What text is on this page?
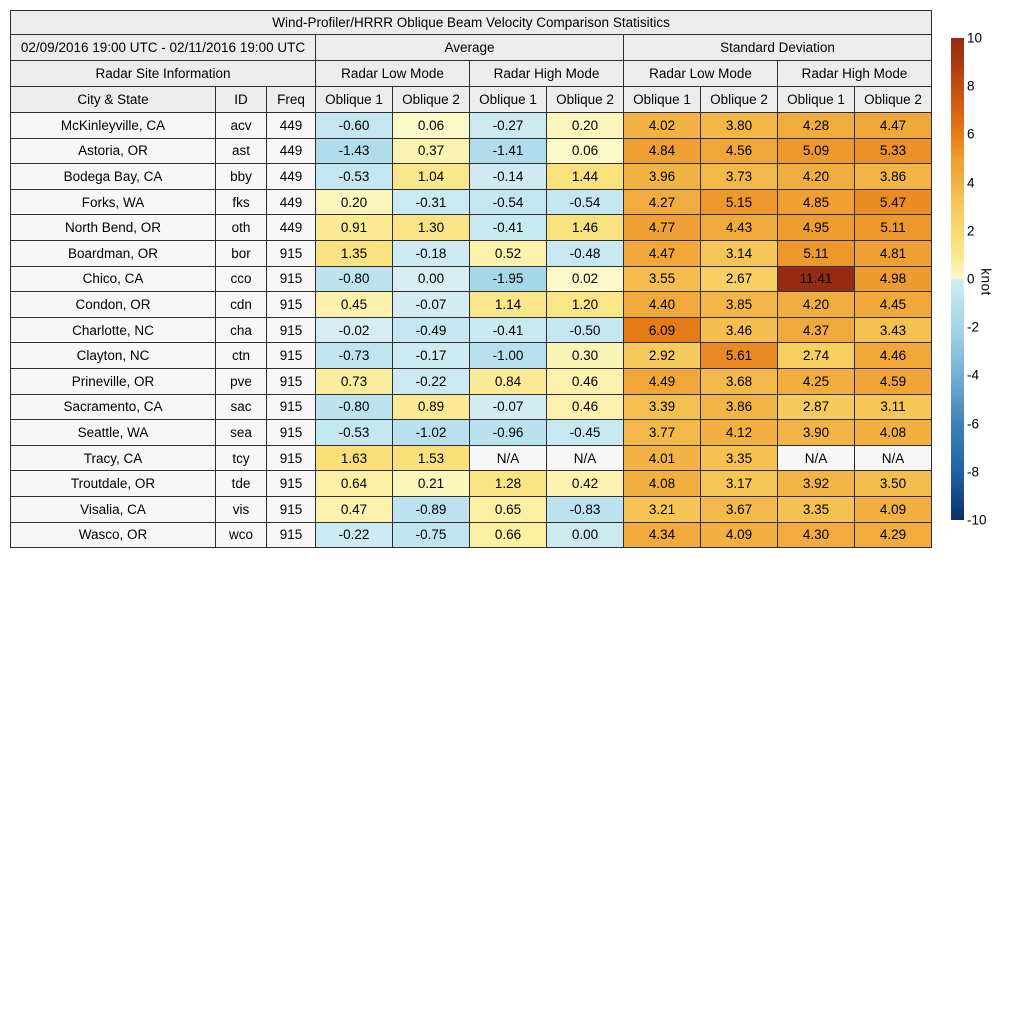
Wind-Profiler/HRRR Oblique Beam Velocity Comparison Statisitics										
02/09/2016 19:00 UTC - 02/11/2016 19:00 UTC			Average				Standard Deviation			
Radar Site Information			Radar Low Mode		Radar High Mode		Radar Low Mode		Radar High Mode	
City & State	ID	Freq	Oblique 1	Oblique 2	Oblique 1	Oblique 2	Oblique 1	Oblique 2	Oblique 1	Oblique 2
McKinleyville, CA	acv	449	-0.60	0.06	-0.27	0.20	4.02	3.80	4.28	4.47
Astoria, OR	ast	449	-1.43	0.37	-1.41	0.06	4.84	4.56	5.09	5.33
Bodega Bay, CA	bby	449	-0.53	1.04	-0.14	1.44	3.96	3.73	4.20	3.86
Forks, WA	fks	449	0.20	-0.31	-0.54	-0.54	4.27	5.15	4.85	5.47
North Bend, OR	oth	449	0.91	1.30	-0.41	1.46	4.77	4.43	4.95	5.11
Boardman, OR	bor	915	1.35	-0.18	0.52	-0.48	4.47	3.14	5.11	4.81
Chico, CA	cco	915	-0.80	0.00	-1.95	0.02	3.55	2.67	11.41	4.98
Condon, OR	cdn	915	0.45	-0.07	1.14	1.20	4.40	3.85	4.20	4.45
Charlotte, NC	cha	915	-0.02	-0.49	-0.41	-0.50	6.09	3.46	4.37	3.43
Clayton, NC	ctn	915	-0.73	-0.17	-1.00	0.30	2.92	5.61	2.74	4.46
Prineville, OR	pve	915	0.73	-0.22	0.84	0.46	4.49	3.68	4.25	4.59
Sacramento, CA	sac	915	-0.80	0.89	-0.07	0.46	3.39	3.86	2.87	3.11
Seattle, WA	sea	915	-0.53	-1.02	-0.96	-0.45	3.77	4.12	3.90	4.08
Tracy, CA	tcy	915	1.63	1.53	N/A	N/A	4.01	3.35	N/A	N/A
Troutdale, OR	tde	915	0.64	0.21	1.28	0.42	4.08	3.17	3.92	3.50
Visalia, CA	vis	915	0.47	-0.89	0.65	-0.83	3.21	3.67	3.35	4.09
Wasco, OR	wco	915	-0.22	-0.75	0.66	0.00	4.34	4.09	4.30	4.29
10
8
6
4
2
0
-2
-4
-6
-8
-10
knot
